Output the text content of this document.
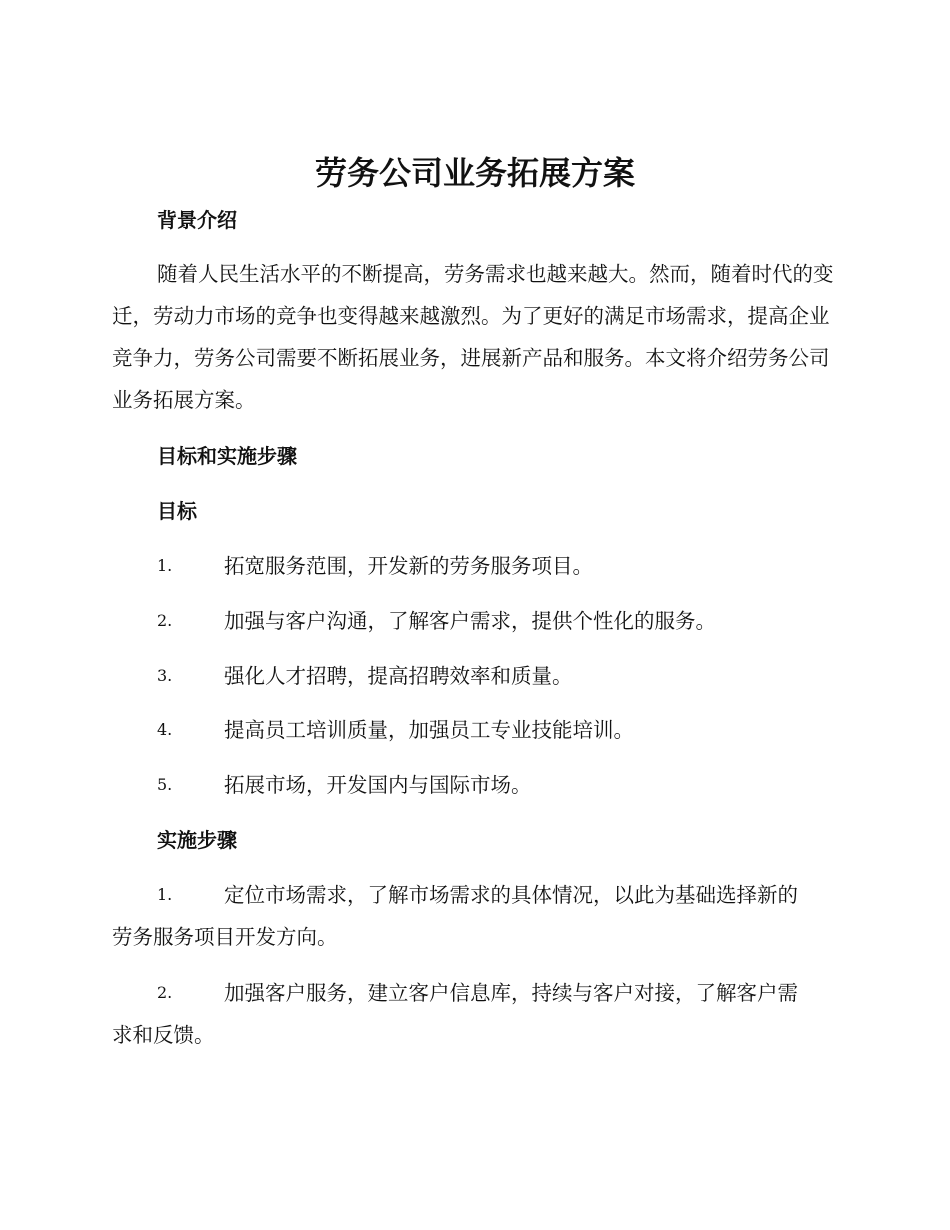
劳务公司业务拓展方案
背景介绍

随着人民生活水平的不断提高，劳务需求也越来越大。然而，随着时代的变迁，劳动力市场的竞争也变得越来越激烈。为了更好的满足市场需求，提高企业竞争力，劳务公司需要不断拓展业务，进展新产品和服务。本文将介绍劳务公司业务拓展方案。

目标和实施步骤
目标
1.	拓宽服务范围，开发新的劳务服务项目。
2.	加强与客户沟通，了解客户需求，提供个性化的服务。
3.	强化人才招聘，提高招聘效率和质量。
4.	提高员工培训质量，加强员工专业技能培训。
5.	拓展市场，开发国内与国际市场。
实施步骤
1.	定位市场需求，了解市场需求的具体情况，以此为基础选择新的
劳务服务项目开发方向。
2.	加强客户服务，建立客户信息库，持续与客户对接，了解客户需
求和反馈。
